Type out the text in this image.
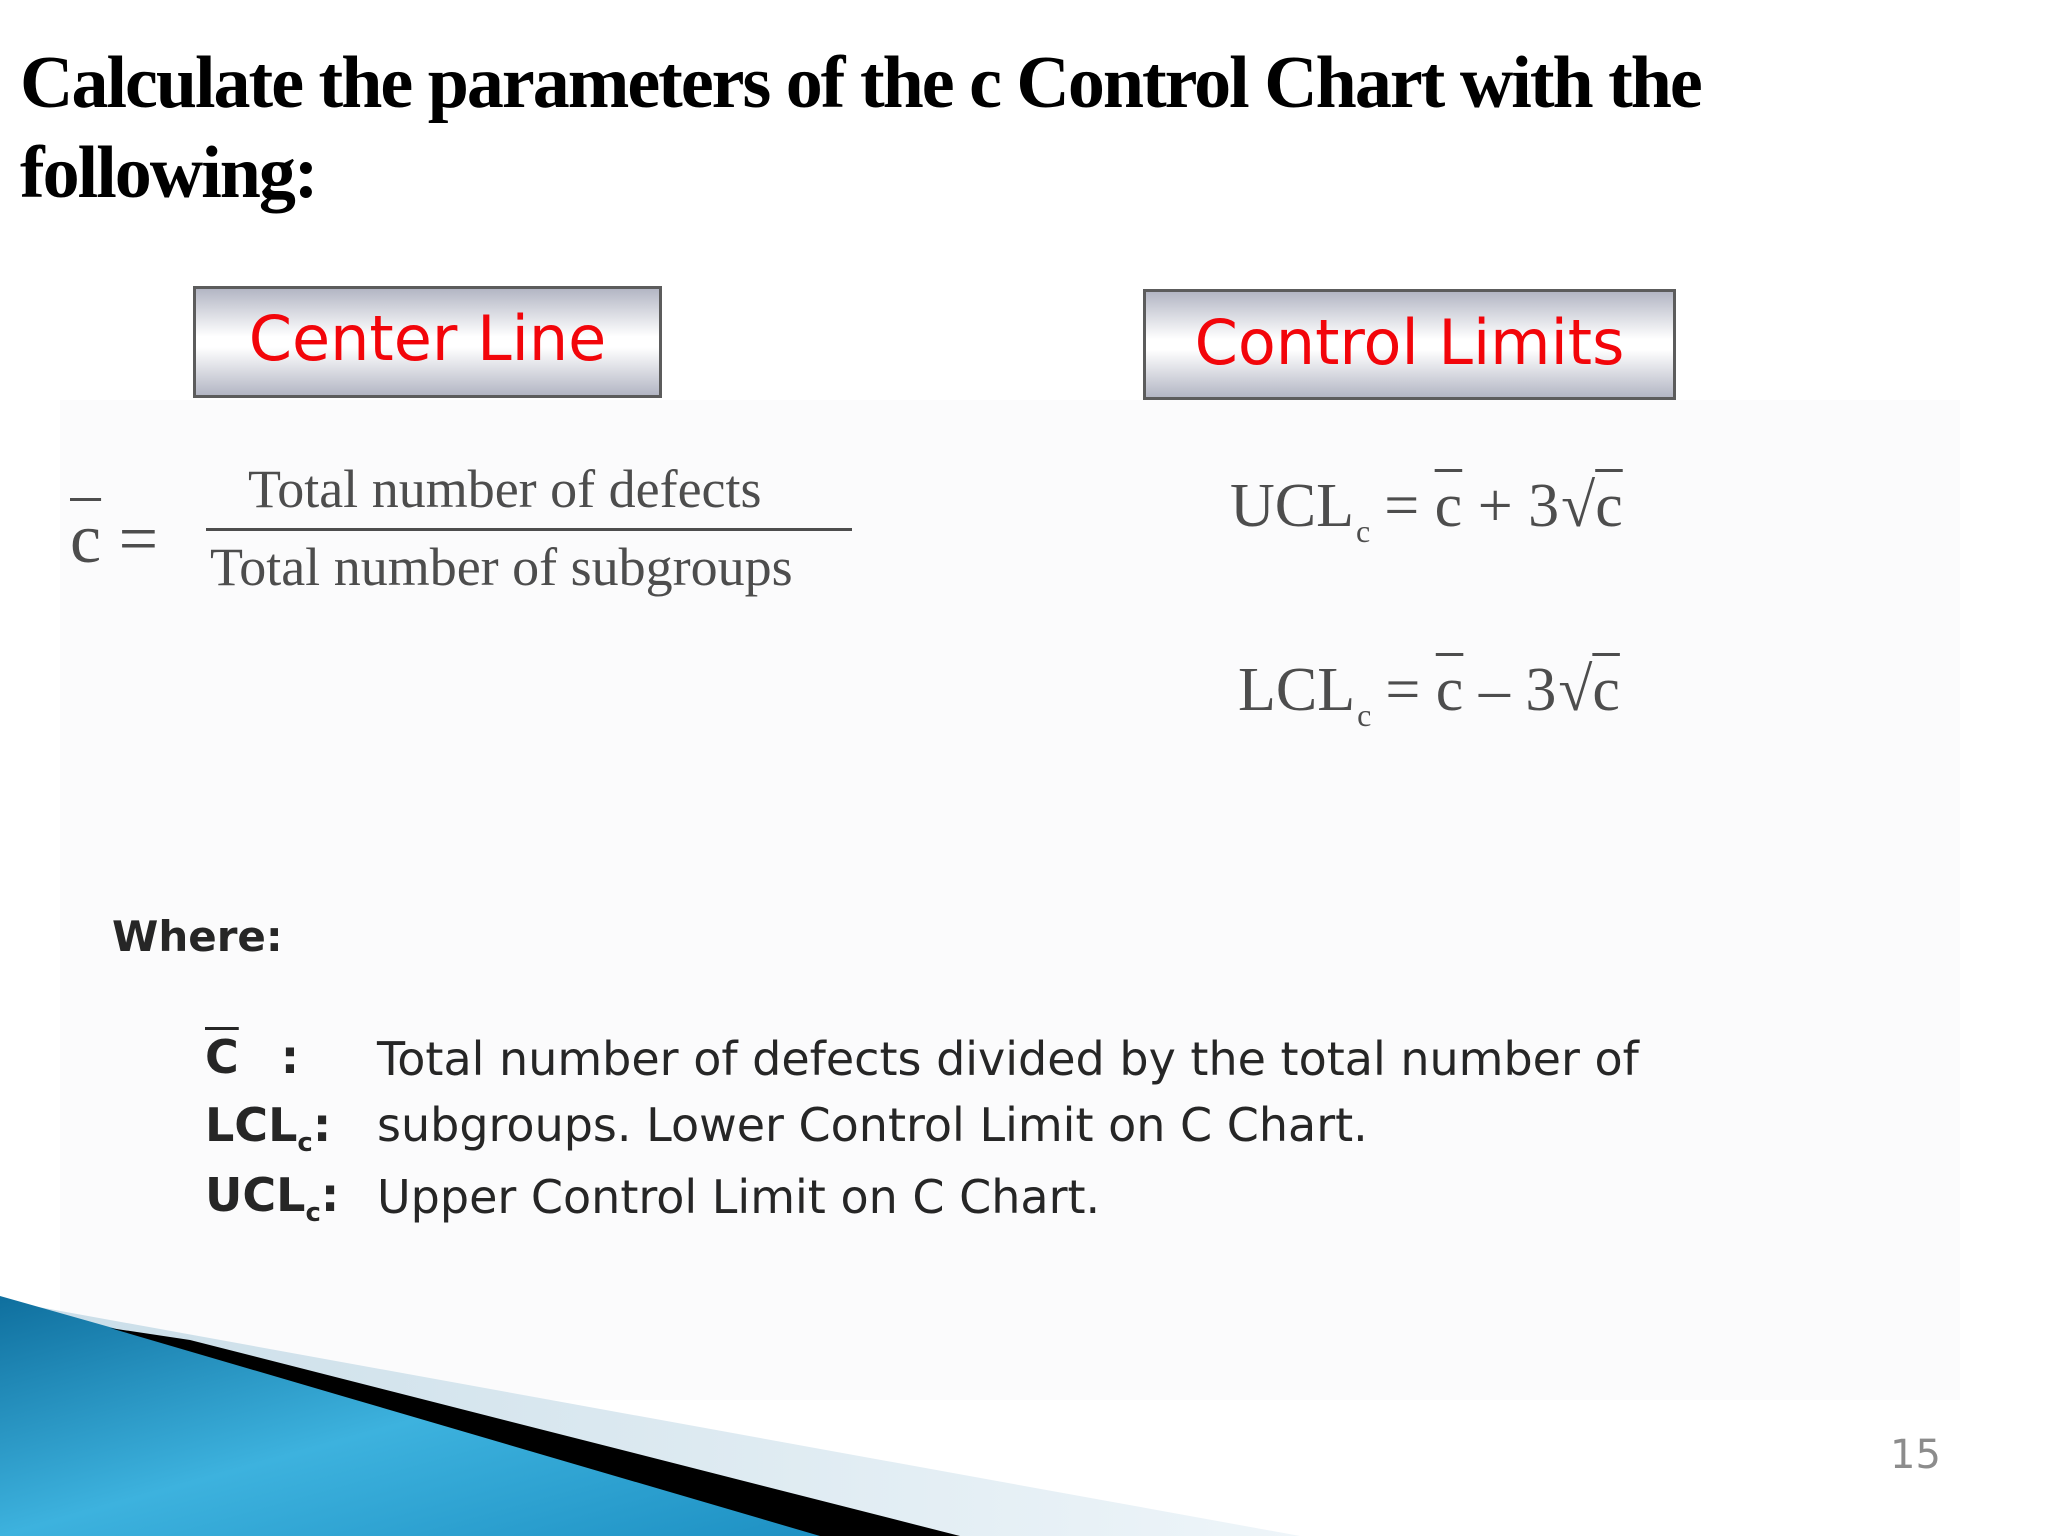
Calculate the parameters of the c Control Chart with the following:
Center Line	Control Limits
$\overline{c}$ =
Total number of defects
Total number of subgroups
$UCL_c = \overline{c} + 3√c$
$LCL_c = \overline{c} - 3√c$
Where:
$\overline{C}$ :
$LCL_c$:
$UCL_c$:
Total number of defects divided by the total number of
subgroups. Lower Control Limit on C Chart.
Upper Control Limit on C Chart.
15
